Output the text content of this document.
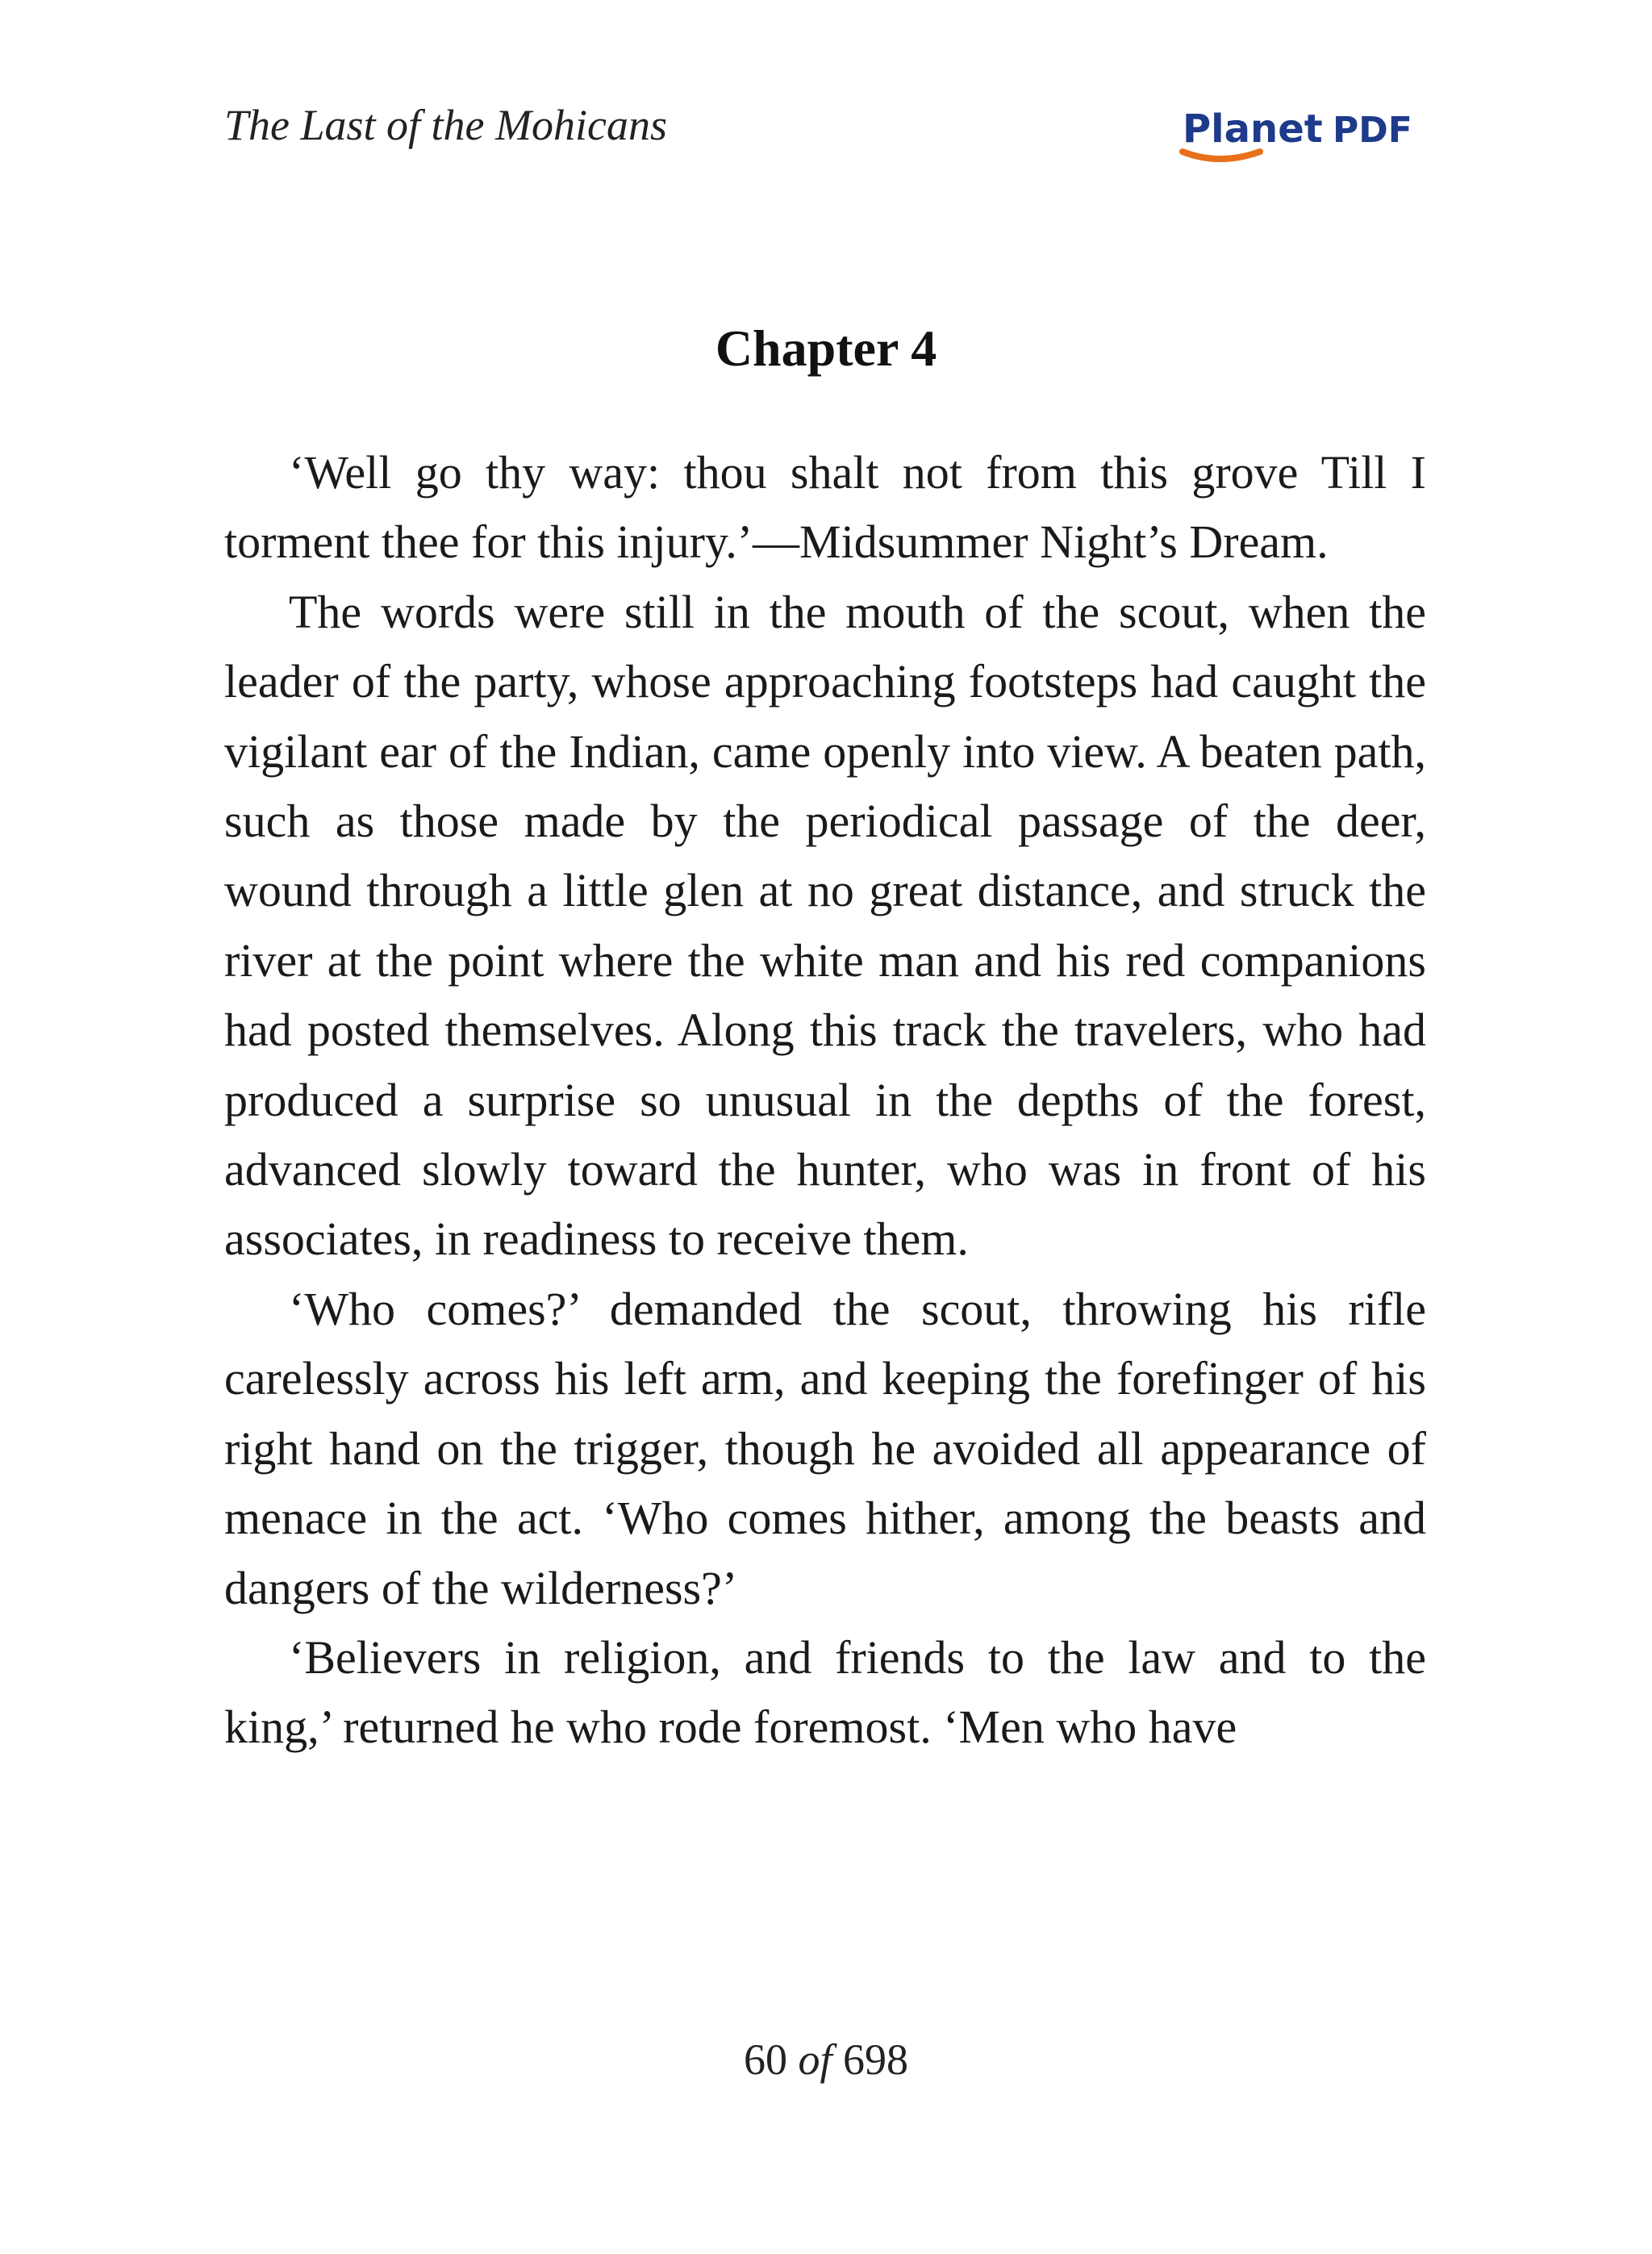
The Last of the Mohicans	Planet PDF
Chapter 4

‘Well go thy way: thou shalt not from this grove Till I torment thee for this injury.’—Midsummer Night’s Dream.

The words were still in the mouth of the scout, when the leader of the party, whose approaching footsteps had caught the vigilant ear of the Indian, came openly into view. A beaten path, such as those made by the periodical passage of the deer, wound through a little glen at no great distance, and struck the river at the point where the white man and his red companions had posted themselves. Along this track the travelers, who had produced a surprise so unusual in the depths of the forest, advanced slowly toward the hunter, who was in front of his associates, in readiness to receive them.

‘Who comes?’ demanded the scout, throwing his rifle carelessly across his left arm, and keeping the forefinger of his right hand on the trigger, though he avoided all appearance of menace in the act. ‘Who comes hither, among the beasts and dangers of the wilderness?’

‘Believers in religion, and friends to the law and to the king,’ returned he who rode foremost. ‘Men who have

60 of 698
